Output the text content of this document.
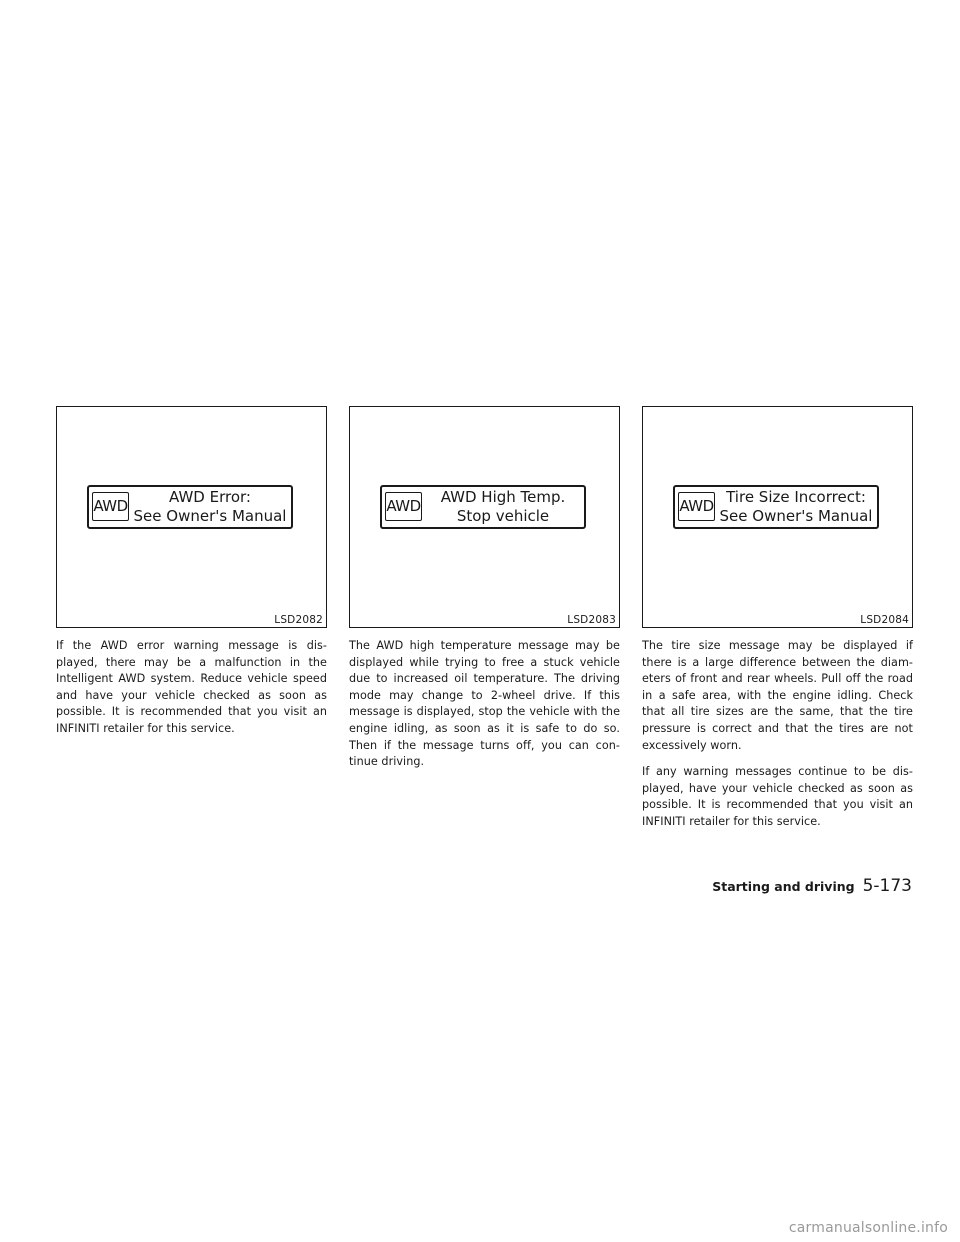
AWD	AWD Error:
See Owner's Manual
LSD2082

If the AWD error warning message is dis-played, there may be a malfunction in the Intelligent AWD system. Reduce vehicle speed and have your vehicle checked as soon as possible. It is recommended that you visit an INFINITI retailer for this service.

AWD	AWD High Temp.
Stop vehicle
LSD2083

The AWD high temperature message may be displayed while trying to free a stuck vehicle due to increased oil temperature. The driving mode may change to 2-wheel drive. If this message is displayed, stop the vehicle with the engine idling, as soon as it is safe to do so. Then if the message turns off, you can con-tinue driving.

AWD Tire Size Incorrect:
See Owner's Manual
LSD2084

The tire size message may be displayed if there is a large difference between the diam-eters of front and rear wheels. Pull off the road in a safe area, with the engine idling. Check that all tire sizes are the same, that the tire pressure is correct and that the tires are not excessively worn.

If any warning messages continue to be dis-played, have your vehicle checked as soon as possible. It is recommended that you visit an INFINITI retailer for this service.

Starting and driving 5-173
carmanualsonline.info
